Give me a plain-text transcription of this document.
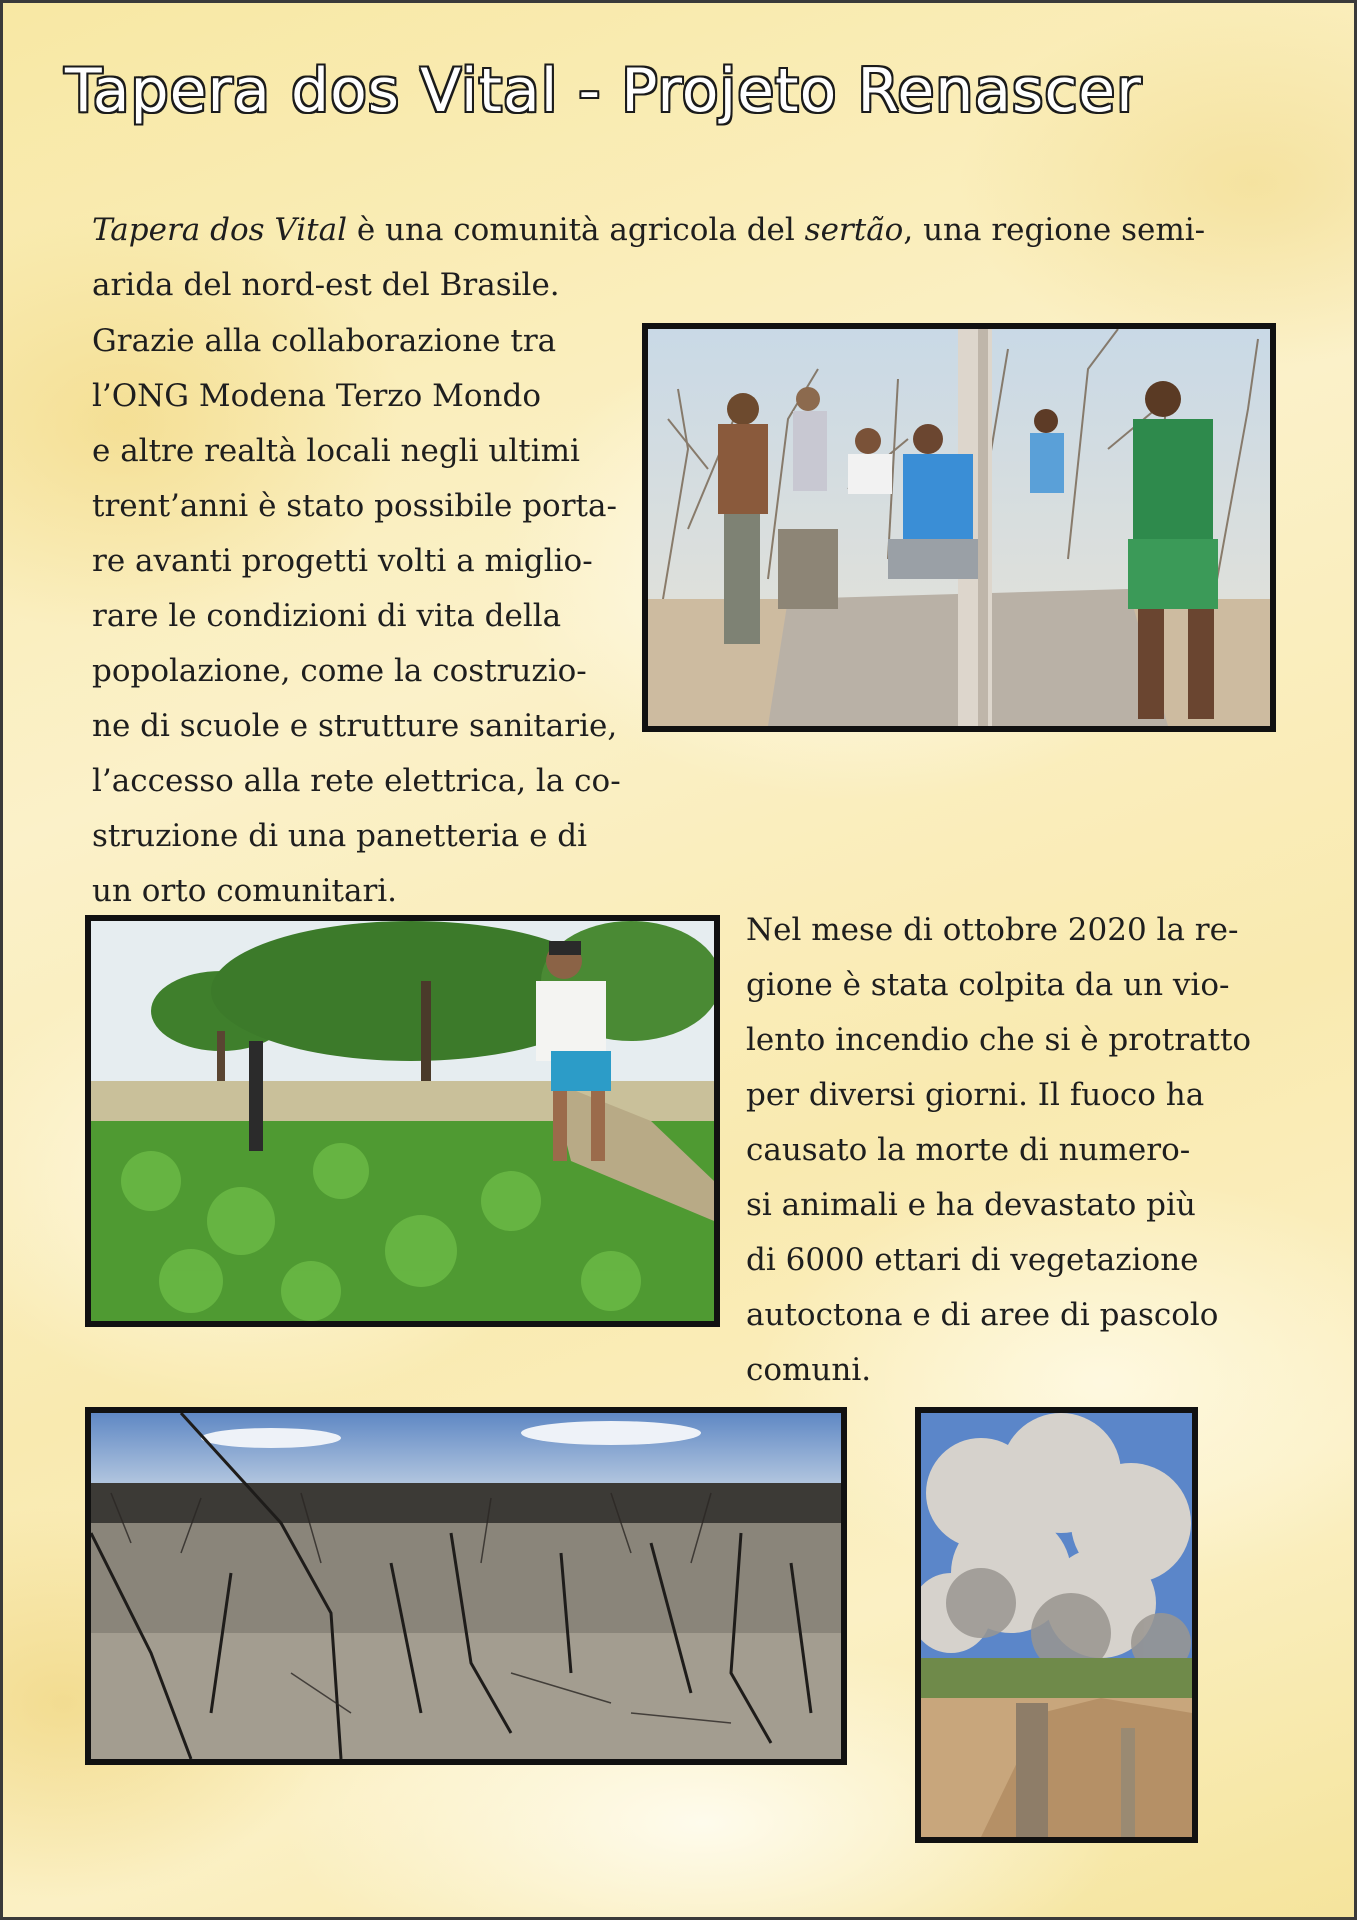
Tapera dos Vital - Projeto Renascer
Tapera dos Vital è una comunità agricola del sertão, una regione semi-arida del nord-est del Brasile.
Grazie alla collaborazione tra
l’ONG Modena Terzo Mondo
e altre realtà locali negli ultimi
trent’anni è stato possibile porta-
re avanti progetti volti a miglio-
rare le condizioni di vita della
popolazione, come la costruzio-
ne di scuole e strutture sanitarie,
l’accesso alla rete elettrica, la co-
struzione di una panetteria e di
un orto comunitari.
Nel mese di ottobre 2020 la re-
gione è stata colpita da un vio-
lento incendio che si è protratto
per diversi giorni. Il fuoco ha
causato la morte di numero-
si animali e ha devastato più
di 6000 ettari di vegetazione
autoctona e di aree di pascolo
comuni.
